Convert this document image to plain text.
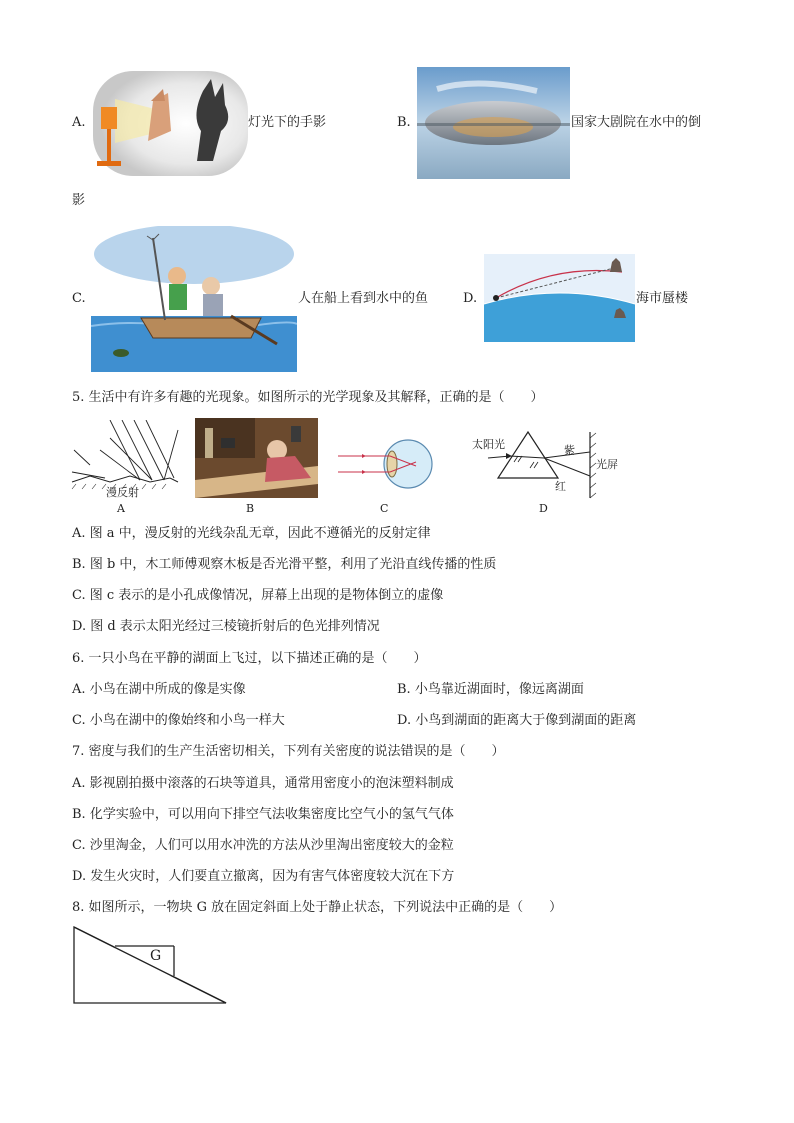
A.	灯光下的手影	B.	国家大剧院在水中的倒
影
C.	人在船上看到水中的鱼	D.	海市蜃楼
5. 生活中有许多有趣的光现象。如图所示的光学现象及其解释，正确的是（　　）
漫反射
太阳光	紫
光屏
红
A	B	C	D
A. 图 a 中，漫反射的光线杂乱无章，因此不遵循光的反射定律
B. 图 b 中，木工师傅观察木板是否光滑平整，利用了光沿直线传播的性质
C. 图 c 表示的是小孔成像情况，屏幕上出现的是物体倒立的虚像
D. 图 d 表示太阳光经过三棱镜折射后的色光排列情况
6. 一只小鸟在平静的湖面上飞过，以下描述正确的是（　　）
A. 小鸟在湖中所成的像是实像	B. 小鸟靠近湖面时，像远离湖面
C. 小鸟在湖中的像始终和小鸟一样大	D. 小鸟到湖面的距离大于像到湖面的距离
7. 密度与我们的生产生活密切相关，下列有关密度的说法错误的是（　　）
A. 影视剧拍摄中滚落的石块等道具，通常用密度小的泡沫塑料制成
B. 化学实验中，可以用向下排空气法收集密度比空气小的氢气气体
C. 沙里淘金，人们可以用水冲洗的方法从沙里淘出密度较大的金粒
D. 发生火灾时，人们要直立撤离，因为有害气体密度较大沉在下方
8. 如图所示，一物块 G 放在固定斜面上处于静止状态，下列说法中正确的是（　　）
G
